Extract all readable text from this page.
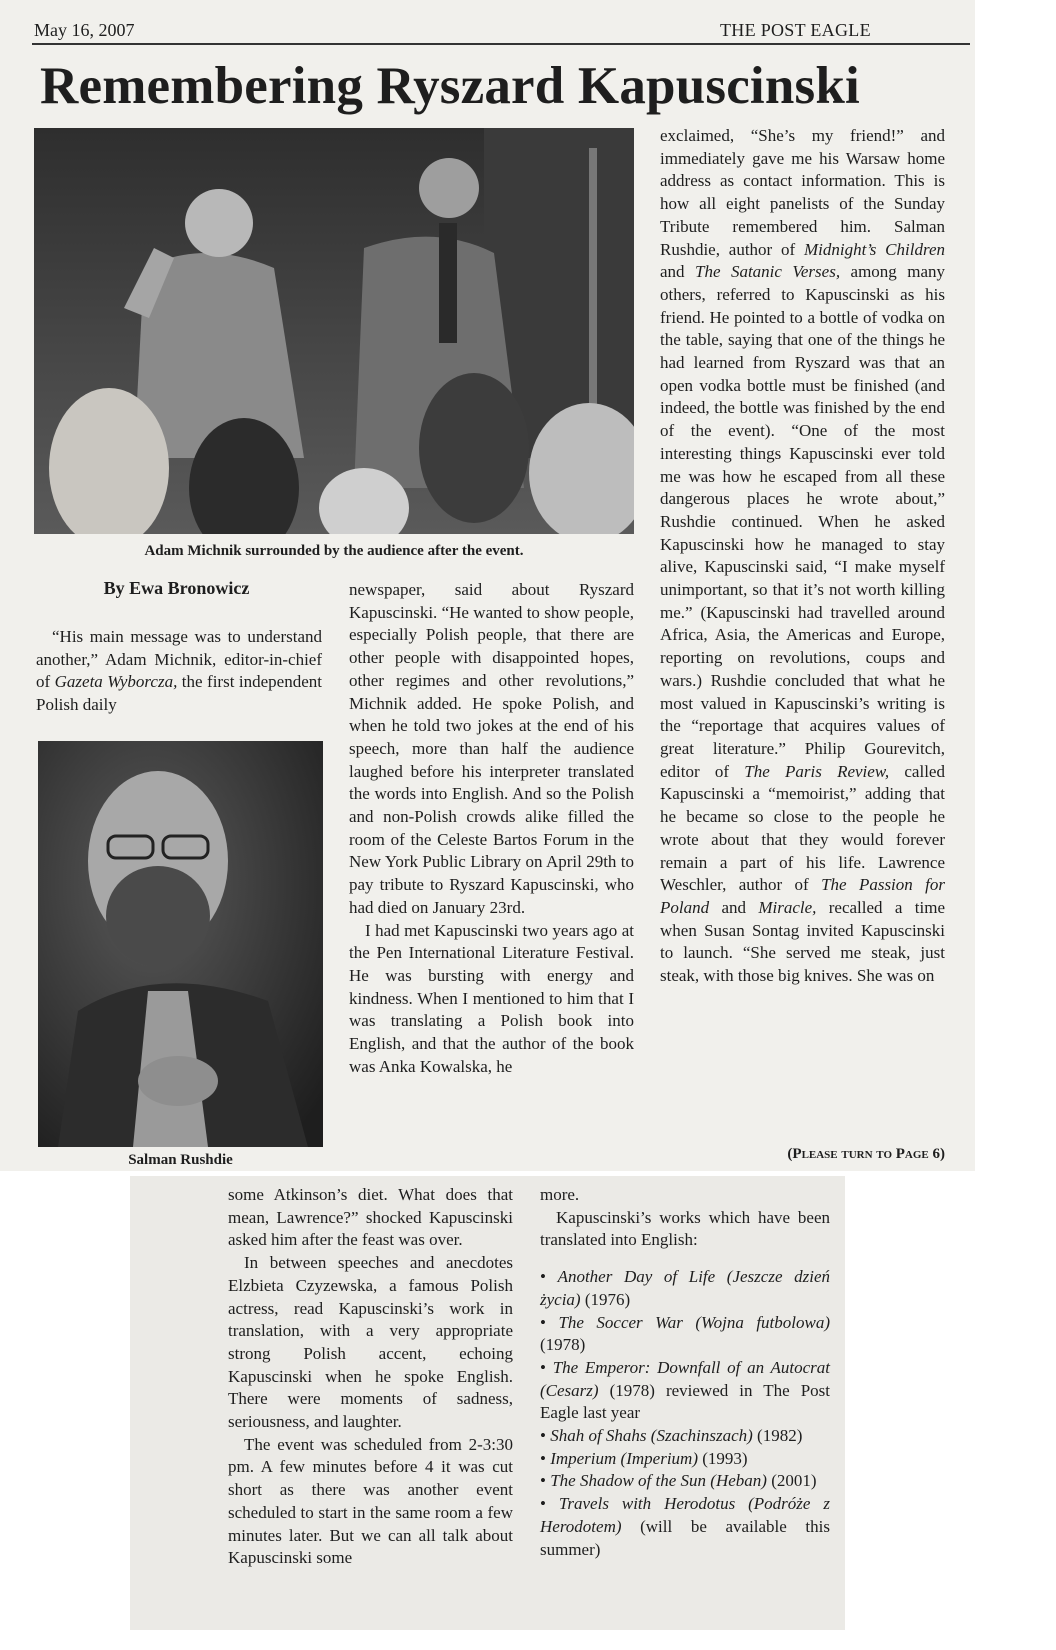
May 16, 2007	THE POST EAGLE
Remembering Ryszard Kapuscinski
Adam Michnik surrounded by the audience after the event.
By Ewa Bronowicz

“His main message was to understand another,” Adam Michnik, editor-in-chief of Gazeta Wyborcza, the first independent Polish daily

Salman Rushdie

newspaper, said about Ryszard Kapuscinski. “He wanted to show people, especially Polish people, that there are other people with disappointed hopes, other regimes and other revolutions,” Michnik added. He spoke Polish, and when he told two jokes at the end of his speech, more than half the audience laughed before his interpreter translated the words into English. And so the Polish and non-Polish crowds alike filled the room of the Celeste Bartos Forum in the New York Public Library on April 29th to pay tribute to Ryszard Kapuscinski, who had died on January 23rd.

I had met Kapuscinski two years ago at the Pen International Literature Festival. He was bursting with energy and kindness. When I mentioned to him that I was translating a Polish book into English, and that the author of the book was Anka Kowalska, he

exclaimed, “She’s my friend!” and immediately gave me his Warsaw home address as contact information. This is how all eight panelists of the Sunday Tribute remembered him. Salman Rushdie, author of Midnight’s Children and The Satanic Verses, among many others, referred to Kapuscinski as his friend. He pointed to a bottle of vodka on the table, saying that one of the things he had learned from Ryszard was that an open vodka bottle must be finished (and indeed, the bottle was finished by the end of the event). “One of the most interesting things Kapuscinski ever told me was how he escaped from all these dangerous places he wrote about,” Rushdie continued. When he asked Kapuscinski how he managed to stay alive, Kapuscinski said, “I make myself unimportant, so that it’s not worth killing me.” (Kapuscinski had travelled around Africa, Asia, the Americas and Europe, reporting on revolutions, coups and wars.) Rushdie concluded that what he most valued in Kapuscinski’s writing is the “reportage that acquires values of great literature.” Philip Gourevitch, editor of The Paris Review, called Kapuscinski a “memoirist,” adding that he became so close to the people he wrote about that they would forever remain a part of his life. Lawrence Weschler, author of The Passion for Poland and Miracle, recalled a time when Susan Sontag invited Kapuscinski to launch. “She served me steak, just steak, with those big knives. She was on

(Please turn to Page 6)

some Atkinson’s diet. What does that mean, Lawrence?” shocked Kapuscinski asked him after the feast was over.

In between speeches and anecdotes Elzbieta Czyzewska, a famous Polish actress, read Kapuscinski’s work in translation, with a very appropriate strong Polish accent, echoing Kapuscinski when he spoke English. There were moments of sadness, seriousness, and laughter.

The event was scheduled from 2-3:30 pm. A few minutes before 4 it was cut short as there was another event scheduled to start in the same room a few minutes later. But we can all talk about Kapuscinski some

more.

Kapuscinski’s works which have been translated into English:

• Another Day of Life (Jeszcze dzień życia) (1976)
• The Soccer War (Wojna futbolowa) (1978)
• The Emperor: Downfall of an Autocrat (Cesarz) (1978) reviewed in The Post Eagle last year
• Shah of Shahs (Szachinszach) (1982)
• Imperium (Imperium) (1993)
• The Shadow of the Sun (Heban) (2001)
• Travels with Herodotus (Podróże z Herodotem) (will be available this summer)
